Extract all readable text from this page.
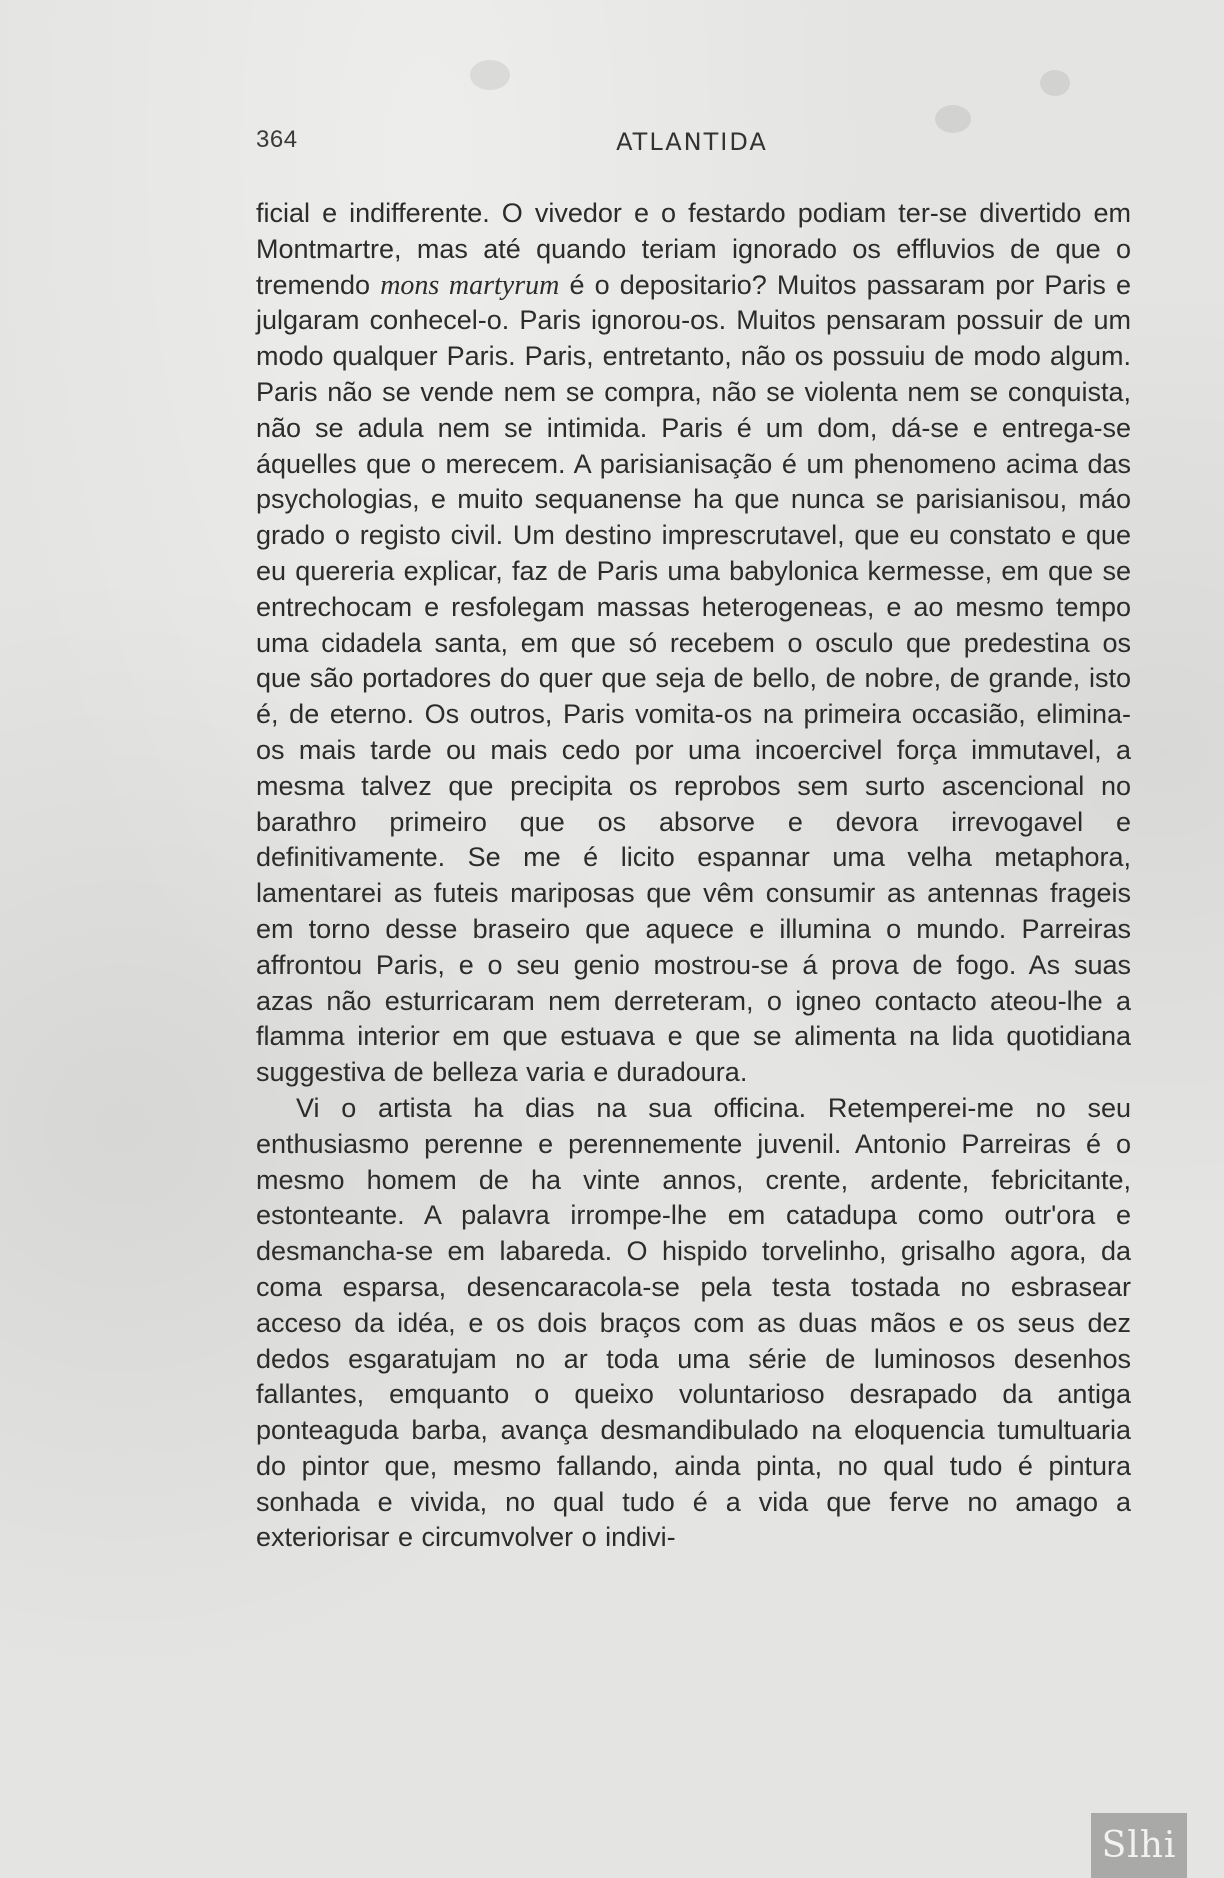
364	ATLANTIDA

ficial e indifferente. O vivedor e o festardo podiam ter-se divertido em Montmartre, mas até quando teriam ignorado os effluvios de que o tremendo mons martyrum é o depositario? Muitos passaram por Paris e julgaram conhecel-o. Paris ignorou-os. Muitos pensaram possuir de um modo qualquer Paris. Paris, entretanto, não os possuiu de modo algum. Paris não se vende nem se compra, não se violenta nem se conquista, não se adula nem se intimida. Paris é um dom, dá-se e entrega-se áquelles que o merecem. A parisianisação é um phenomeno acima das psychologias, e muito sequanense ha que nunca se parisianisou, máo grado o registo civil. Um destino imprescrutavel, que eu constato e que eu quereria explicar, faz de Paris uma babylonica kermesse, em que se entrechocam e resfolegam massas heterogeneas, e ao mesmo tempo uma cidadela santa, em que só recebem o osculo que predestina os que são portadores do quer que seja de bello, de nobre, de grande, isto é, de eterno. Os outros, Paris vomita-os na primeira occasião, elimina-os mais tarde ou mais cedo por uma incoercivel força immutavel, a mesma talvez que precipita os reprobos sem surto ascencional no barathro primeiro que os absorve e devora irrevogavel e definitivamente. Se me é licito espannar uma velha metaphora, lamentarei as futeis mariposas que vêm consumir as antennas frageis em torno desse braseiro que aquece e illumina o mundo. Parreiras affrontou Paris, e o seu genio mostrou-se á prova de fogo. As suas azas não esturricaram nem derreteram, o igneo contacto ateou-lhe a flamma interior em que estuava e que se alimenta na lida quotidiana suggestiva de belleza varia e duradoura.

Vi o artista ha dias na sua officina. Retemperei-me no seu enthusiasmo perenne e perennemente juvenil. Antonio Parreiras é o mesmo homem de ha vinte annos, crente, ardente, febricitante, estonteante. A palavra irrompe-lhe em catadupa como outr'ora e desmancha-se em labareda. O hispido torvelinho, grisalho agora, da coma esparsa, desencaracola-se pela testa tostada no esbrasear acceso da idéa, e os dois braços com as duas mãos e os seus dez dedos esgaratujam no ar toda uma série de luminosos desenhos fallantes, emquanto o queixo voluntarioso desrapado da antiga ponteaguda barba, avança desmandibulado na eloquencia tumultuaria do pintor que, mesmo fallando, ainda pinta, no qual tudo é pintura sonhada e vivida, no qual tudo é a vida que ferve no amago a exteriorisar e circumvolver o indivi-

Slhi
